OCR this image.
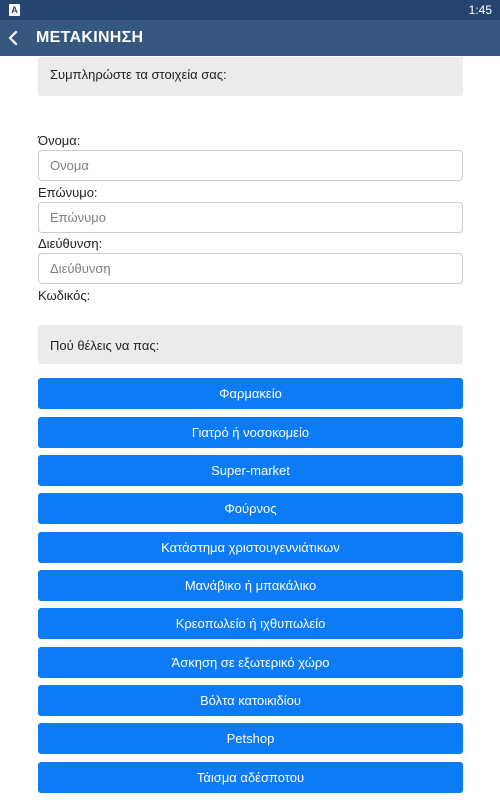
A	1:45
ΜΕΤΑΚΙΝΗΣΗ
Συμπληρώστε τα στοιχεία σας:
Όνομα:
Ονομα
Επώνυμο:
Επώνυμο
Διεύθυνση:
Διεύθυνση
Κωδικός:
Πού θέλεις να πας:
Φαρμακείο
Γιατρό ή νοσοκομείο
Super-market
Φούρνος
Κατάστημα χριστουγεννιάτικων
Μανάβικο ή μπακάλικο
Κρεοπωλείο ή ιχθυπωλείο
Άσκηση σε εξωτερικό χώρο
Βόλτα κατοικιδίου
Petshop
Τάισμα αδέσποτου
